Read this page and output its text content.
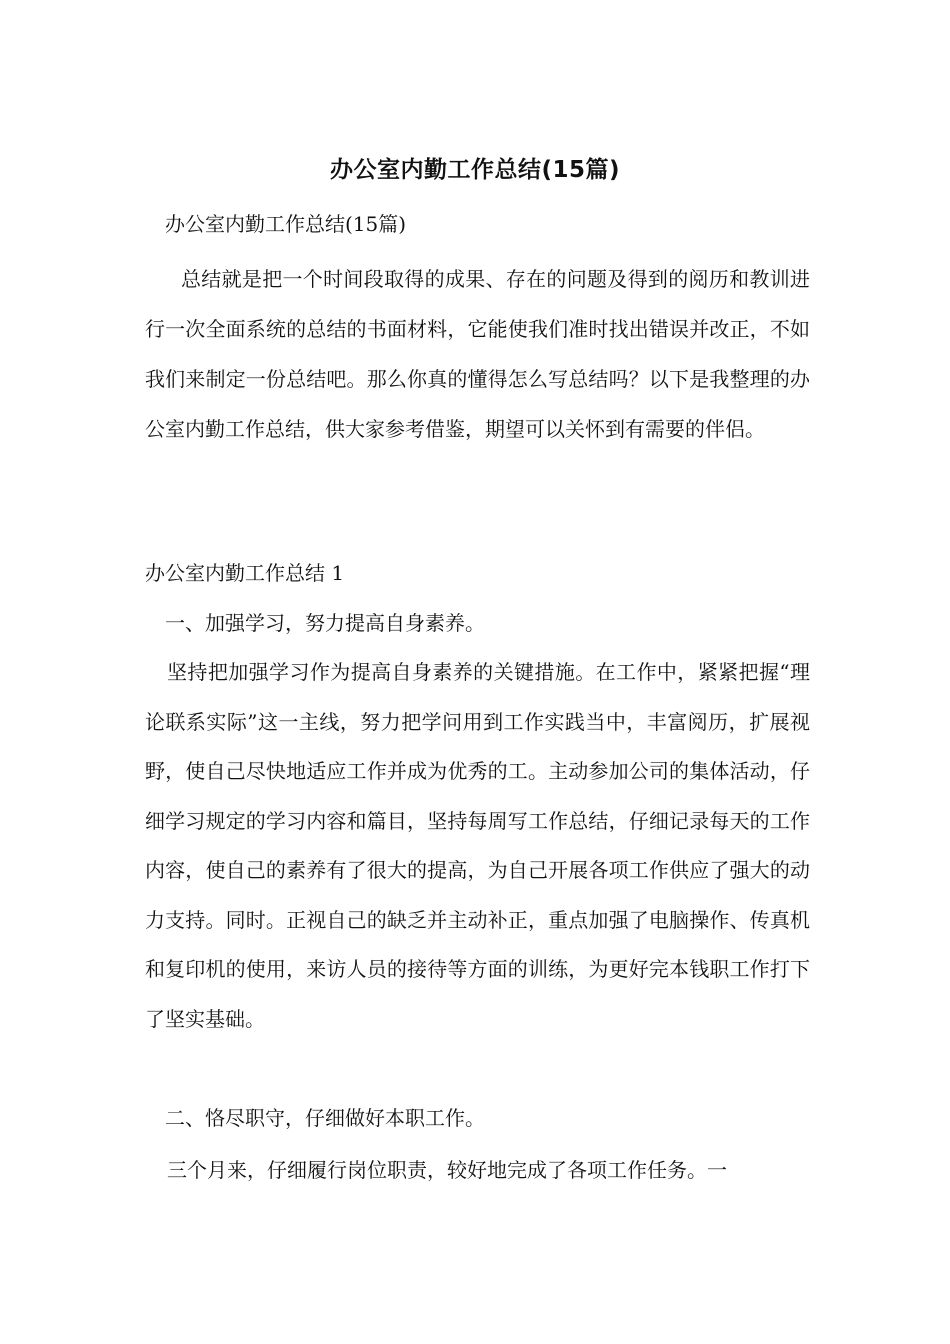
办公室内勤工作总结(15篇)
办公室内勤工作总结(15篇)
总结就是把一个时间段取得的成果、存在的问题及得到的阅历和教训进行一次全面系统的总结的书面材料，它能使我们准时找出错误并改正，不如我们来制定一份总结吧。那么你真的懂得怎么写总结吗？以下是我整理的办公室内勤工作总结，供大家参考借鉴，期望可以关怀到有需要的伴侣。
办公室内勤工作总结 1
一、加强学习，努力提高自身素养。
坚持把加强学习作为提高自身素养的关键措施。在工作中，紧紧把握“理论联系实际”这一主线，努力把学问用到工作实践当中，丰富阅历，扩展视野，使自己尽快地适应工作并成为优秀的工。主动参加公司的集体活动，仔细学习规定的学习内容和篇目，坚持每周写工作总结，仔细记录每天的工作内容，使自己的素养有了很大的提高，为自己开展各项工作供应了强大的动力支持。同时。正视自己的缺乏并主动补正，重点加强了电脑操作、传真机和复印机的使用，来访人员的接待等方面的训练，为更好完本钱职工作打下了坚实基础。
二、恪尽职守，仔细做好本职工作。
三个月来，仔细履行岗位职责，较好地完成了各项工作任务。一
